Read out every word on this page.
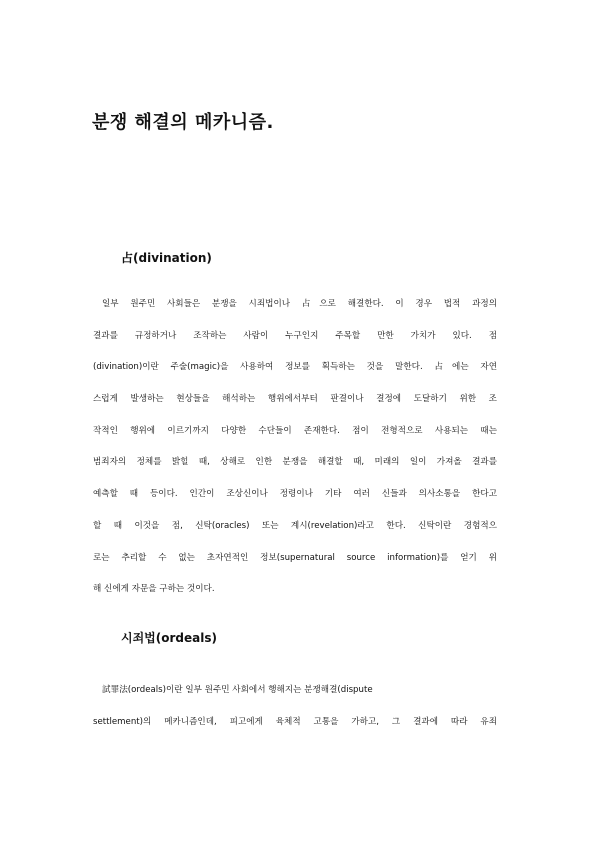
분쟁 해결의 메카니즘.
占(divination)
일부 원주민 사회들은 분쟁을 시죄법이나 占으로 해결한다. 이 경우 법적 과정의
결과를 규정하거나 조작하는 사람이 누구인지 주목할 만한 가치가 있다. 점
(divination)이란 주술(magic)을 사용하여 정보를 획득하는 것을 말한다. 占에는 자연
스럽게 발생하는 현상들을 해석하는 행위에서부터 판결이나 결정에 도달하기 위한 조
작적인 행위에 이르기까지 다양한 수단들이 존재한다. 점이 전형적으로 사용되는 때는
범죄자의 정체를 밝힐 때, 상해로 인한 분쟁을 해결할 때, 미래의 일이 가져올 결과를
예측할 때 등이다. 인간이 조상신이나 정령이나 기타 여러 신들과 의사소통을 한다고
할 때 이것을 점, 신탁(oracles) 또는 계시(revelation)라고 한다. 신탁이란 경험적으
로는 추리할 수 없는 초자연적인 정보(supernatural source information)를 얻기 위
해 신에게 자문을 구하는 것이다.
시죄법(ordeals)
試罪法(ordeals)이란 일부 원주민 사회에서 행해지는 분쟁해결(dispute
settlement)의 메카니즘인데, 피고에게 육체적 고통을 가하고, 그 결과에 따라 유죄
